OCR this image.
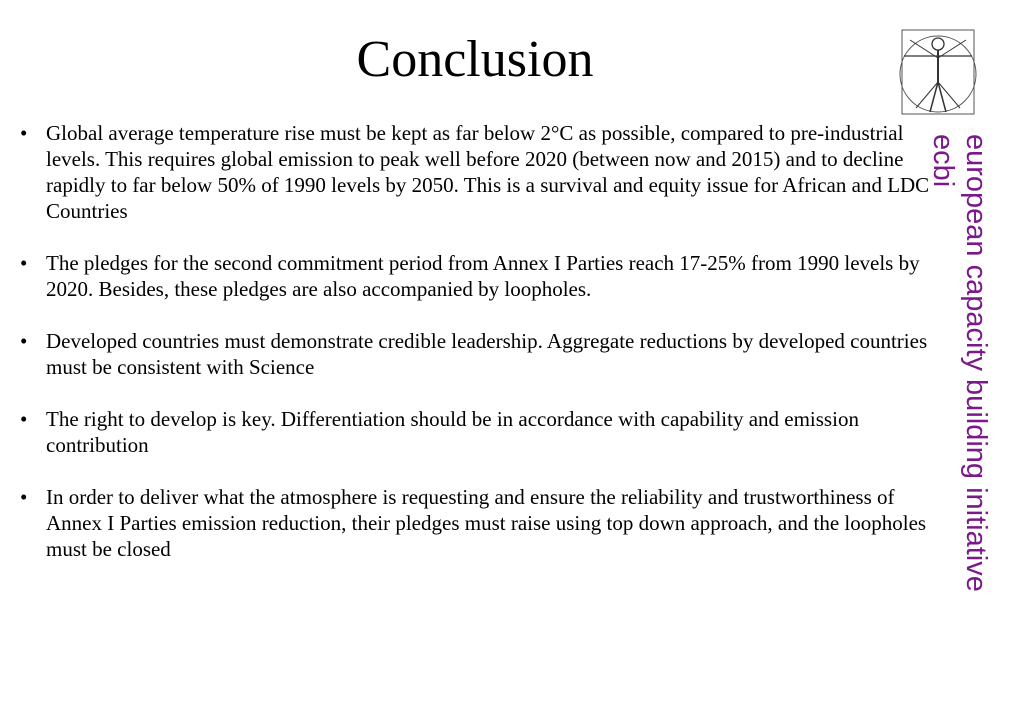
Conclusion
• Global average temperature rise must be kept as far below 2°C as possible, compared to pre-industrial levels. This requires global emission to peak well before 2020 (between now and 2015) and to decline rapidly to far below 50% of 1990 levels by 2050. This is a survival and equity issue for African and LDC Countries
• The pledges for the second commitment period from Annex I Parties reach 17-25% from 1990 levels by 2020. Besides, these pledges are also accompanied by loopholes.
• Developed countries must demonstrate credible leadership. Aggregate reductions by developed countries must be consistent with Science
• The right to develop is key. Differentiation should be in accordance with capability and emission contribution
• In order to deliver what the atmosphere is requesting and ensure the reliability and trustworthiness of Annex I Parties emission reduction, their pledges must raise using top down approach, and the loopholes must be closed	european capacity building initiative
ecbi
